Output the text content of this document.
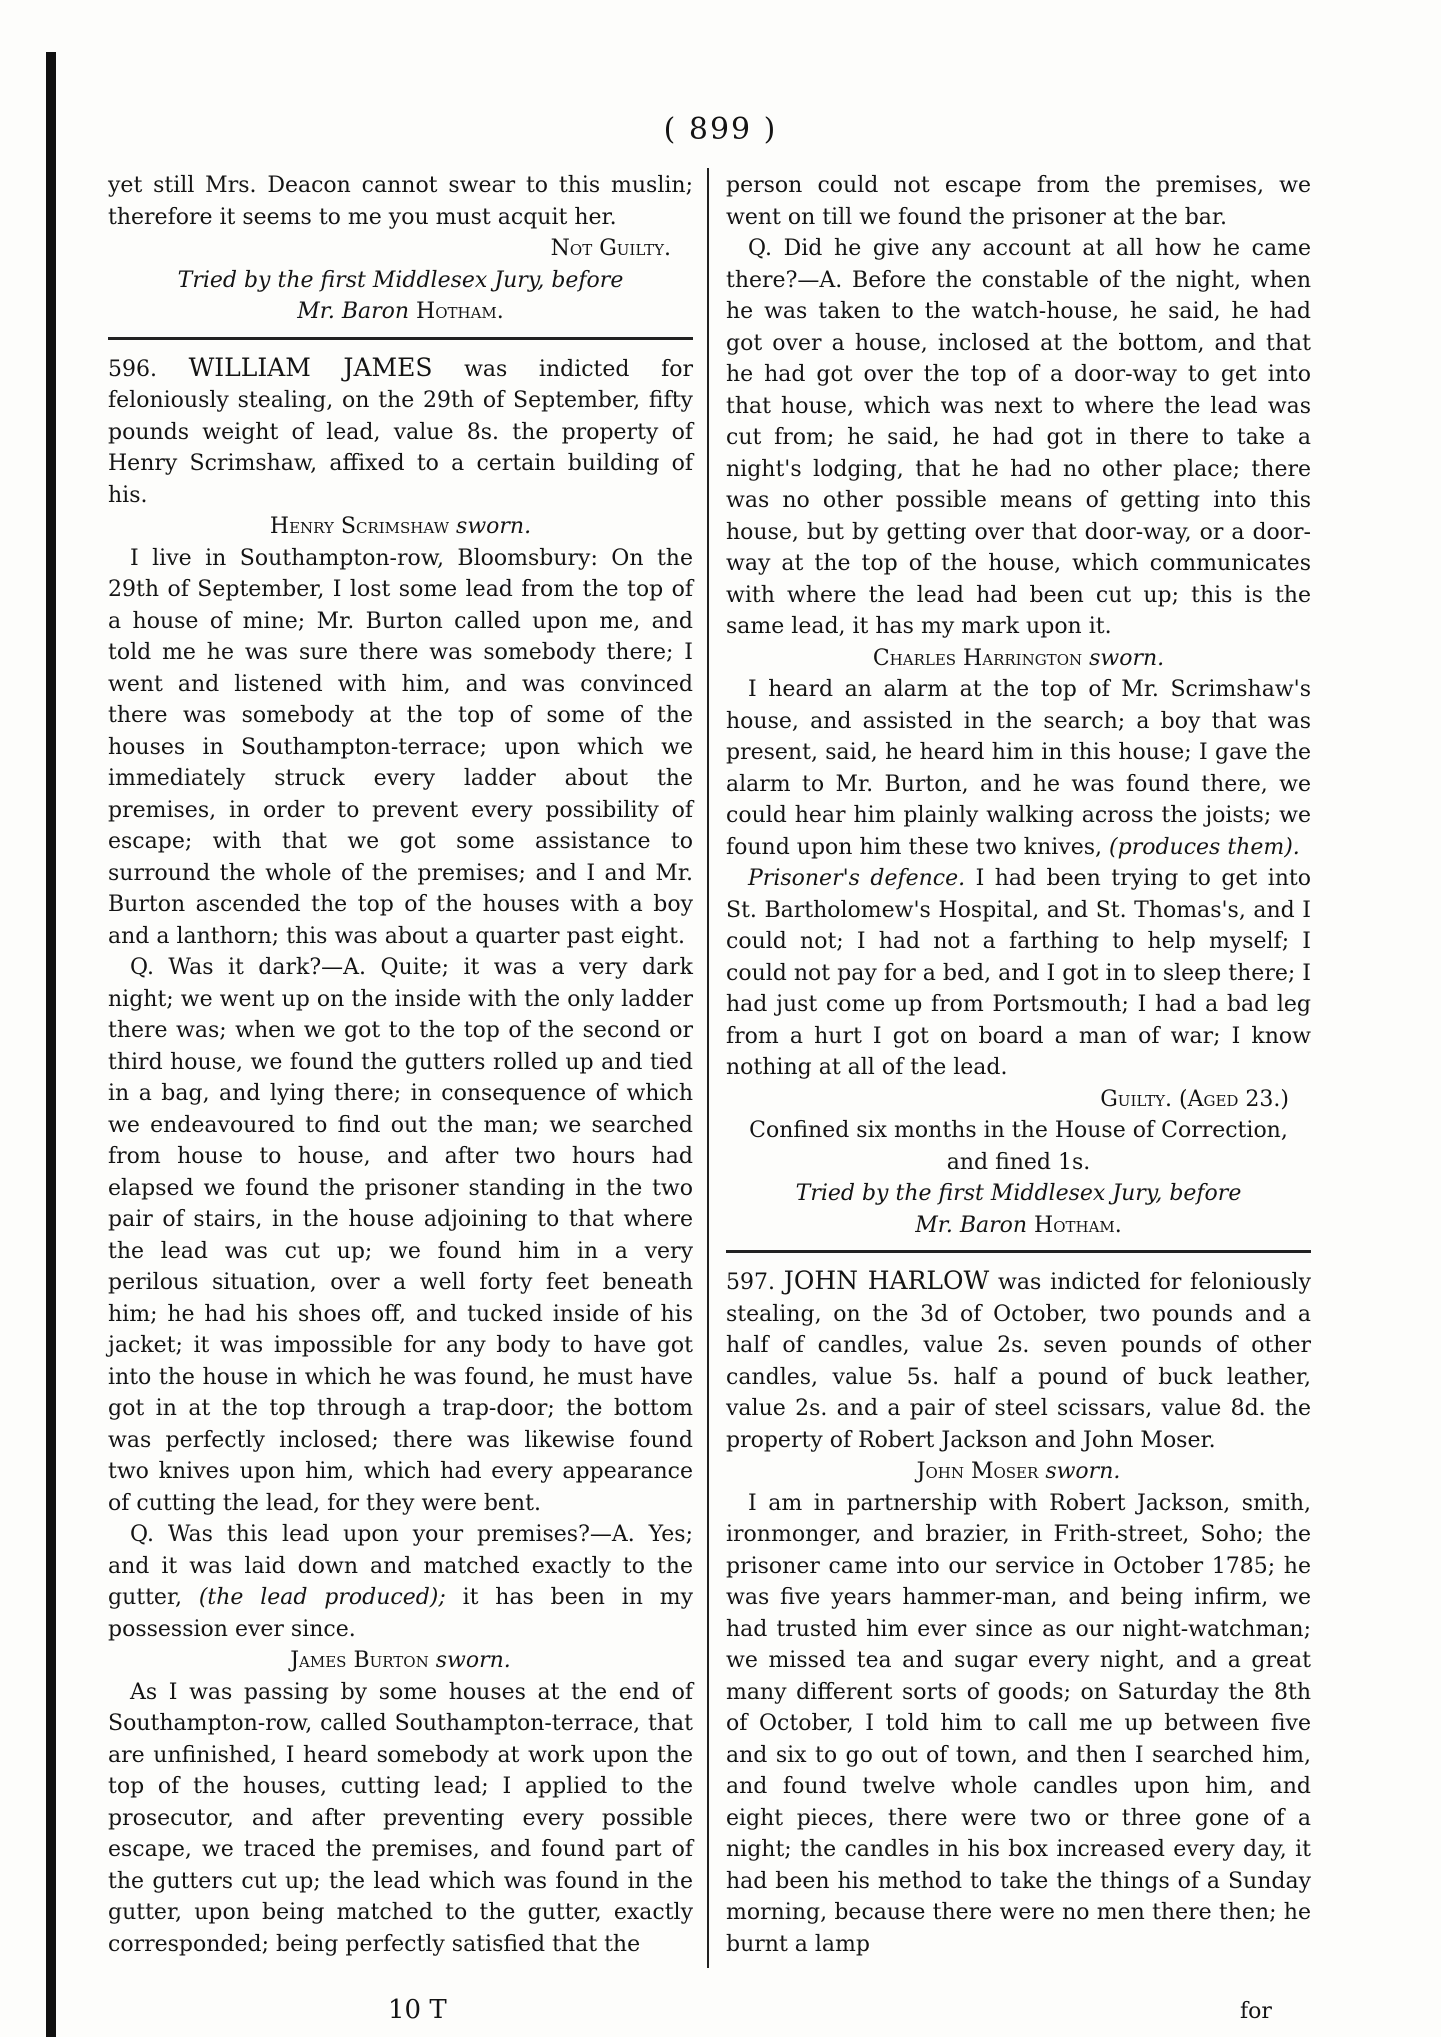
( 899 )

yet still Mrs. Deacon cannot swear to this muslin; therefore it seems to me you must acquit her.

Not Guilty.

Tried by the first Middlesex Jury, before

Mr. Baron Hotham.

596. WILLIAM JAMES was indicted for feloniously stealing, on the 29th of September, fifty pounds weight of lead, value 8s. the property of Henry Scrimshaw, affixed to a certain building of his.

Henry Scrimshaw sworn.

I live in Southampton-row, Bloomsbury: On the 29th of September, I lost some lead from the top of a house of mine; Mr. Burton called upon me, and told me he was sure there was somebody there; I went and listened with him, and was convinced there was somebody at the top of some of the houses in Southampton-terrace; upon which we immediately struck every ladder about the premises, in order to prevent every possibility of escape; with that we got some assistance to surround the whole of the premises; and I and Mr. Burton ascended the top of the houses with a boy and a lanthorn; this was about a quarter past eight.

Q. Was it dark?—A. Quite; it was a very dark night; we went up on the inside with the only ladder there was; when we got to the top of the second or third house, we found the gutters rolled up and tied in a bag, and lying there; in consequence of which we endeavoured to find out the man; we searched from house to house, and after two hours had elapsed we found the prisoner standing in the two pair of stairs, in the house adjoining to that where the lead was cut up; we found him in a very perilous situation, over a well forty feet beneath him; he had his shoes off, and tucked inside of his jacket; it was impossible for any body to have got into the house in which he was found, he must have got in at the top through a trap-door; the bottom was perfectly inclosed; there was likewise found two knives upon him, which had every appearance of cutting the lead, for they were bent.

Q. Was this lead upon your premises?—A. Yes; and it was laid down and matched exactly to the gutter, (the lead produced); it has been in my possession ever since.

James Burton sworn.

As I was passing by some houses at the end of Southampton-row, called Southampton-terrace, that are unfinished, I heard somebody at work upon the top of the houses, cutting lead; I applied to the prosecutor, and after preventing every possible escape, we traced the premises, and found part of the gutters cut up; the lead which was found in the gutter, upon being matched to the gutter, exactly corresponded; being perfectly satisfied that the

person could not escape from the premises, we went on till we found the prisoner at the bar.

Q. Did he give any account at all how he came there?—A. Before the constable of the night, when he was taken to the watch-house, he said, he had got over a house, inclosed at the bottom, and that he had got over the top of a door-way to get into that house, which was next to where the lead was cut from; he said, he had got in there to take a night's lodging, that he had no other place; there was no other possible means of getting into this house, but by getting over that door-way, or a door-way at the top of the house, which communicates with where the lead had been cut up; this is the same lead, it has my mark upon it.

Charles Harrington sworn.

I heard an alarm at the top of Mr. Scrimshaw's house, and assisted in the search; a boy that was present, said, he heard him in this house; I gave the alarm to Mr. Burton, and he was found there, we could hear him plainly walking across the joists; we found upon him these two knives, (produces them).

Prisoner's defence. I had been trying to get into St. Bartholomew's Hospital, and St. Thomas's, and I could not; I had not a farthing to help myself; I could not pay for a bed, and I got in to sleep there; I had just come up from Portsmouth; I had a bad leg from a hurt I got on board a man of war; I know nothing at all of the lead.

Guilty. (Aged 23.)

Confined six months in the House of Correction,

and fined 1s.

Tried by the first Middlesex Jury, before

Mr. Baron Hotham.

597. JOHN HARLOW was indicted for feloniously stealing, on the 3d of October, two pounds and a half of candles, value 2s. seven pounds of other candles, value 5s. half a pound of buck leather, value 2s. and a pair of steel scissars, value 8d. the property of Robert Jackson and John Moser.

John Moser sworn.

I am in partnership with Robert Jackson, smith, ironmonger, and brazier, in Frith-street, Soho; the prisoner came into our service in October 1785; he was five years hammer-man, and being infirm, we had trusted him ever since as our night-watchman; we missed tea and sugar every night, and a great many different sorts of goods; on Saturday the 8th of October, I told him to call me up between five and six to go out of town, and then I searched him, and found twelve whole candles upon him, and eight pieces, there were two or three gone of a night; the candles in his box increased every day, it had been his method to take the things of a Sunday morning, because there were no men there then; he burnt a lamp

10 T	for
